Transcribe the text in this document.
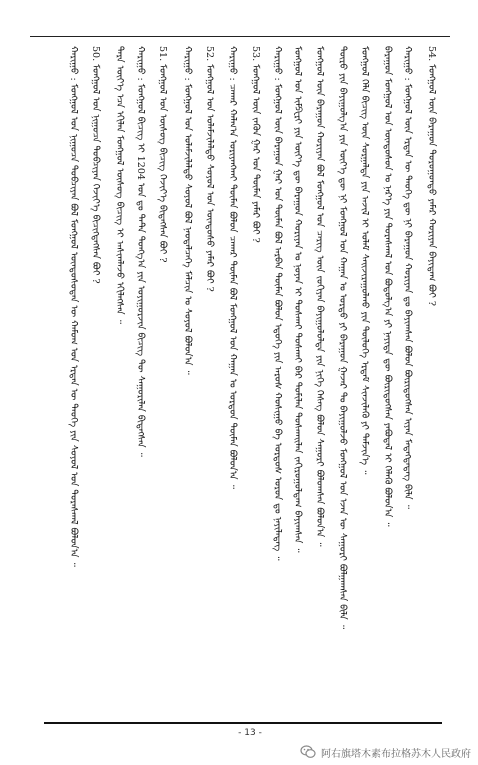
54. ᠮᠣᠩᠭᠣᠯ ᠦᠨ ᠪᠠᠷᠠᠭᠤᠨ ᠳᠣᠷᠣᠭᠤᠨᠳᠤ ᠶᠠᠮᠠᠷ ᠬᠤᠷᠢᠶᠠᠨ ᠪᠠᠶᠢᠳᠠᠭ ᠪᠤᠢ ?
ᠬᠠᠷᠢᠭᠤ : ᠮᠣᠩᠭᠣᠯ ᠦᠨ ᠡᠷᠲᠡᠨ ᠦ ᠲᠡᠦᠬᠡ ᠳᠦ ᠨᠢ ᠪᠠᠷᠠᠭᠤᠨ ᠬᠤᠷᠢᠶᠠᠨ ᠳᠤ ᠪᠠᠶᠢᠭᠰᠠᠨ ᠪᠣᠯᠤᠨ ᠪᠦᠷᠢᠳᠦᠭᠰᠡᠨ ᠢᠶᠡᠨ ᠮᠡᠳᠡᠭᠳᠡᠳᠡᠭ ᠪᠢᠯᠡ ᠃
ᠪᠠᠷᠠᠭᠤᠨ ᠮᠣᠩᠭᠣᠯ ᠤᠨ ᠦᠨᠳᠦᠰᠦᠨ ᠤ ᠨᠡᠷ᠎ᠡ ᠶᠢᠨ ᠳᠤᠷᠠᠰᠬᠠᠯ ᠤᠨ ᠪᠣᠳᠣᠯᠭ᠎ᠠ ᠶᠢ ᠨᠡᠶᠢᠲᠡ ᠳᠦ ᠪᠦᠷᠢᠳᠦᠭᠰᠡᠨ ᠶᠠᠪᠤᠳᠠᠯ ᠢ ᠬᠡᠯᠡᠬᠦ ᠪᠣᠯᠤᠨ᠎ᠠ ᠃
ᠮᠣᠩᠭᠣᠯ ᠬᠡᠯᠡ ᠪᠢᠴᠢᠭ ᠦᠨ ᠰᠤᠷᠭᠠᠯᠲᠠ ᠶᠢᠨ ᠠᠵᠢᠯ ᠢ ᠤᠯᠠᠮ ᠰᠠᠢᠵᠢᠷᠠᠭᠤᠯᠬᠤ ᠶᠢᠨ ᠲᠥᠯᠦᠭᠡ ᠡᠷᠳᠡᠮ ᠰᠢᠨᠵᠢᠯᠡᠬᠦ ᠶᠢ ᠳᠡᠮᠵᠢᠨ᠎ᠡ ᠃
ᠲᠥᠷᠦ ᠶᠢᠨ ᠪᠠᠶᠢᠭᠤᠯᠭ᠎ᠠ ᠶᠢᠨ ᠦᠶ᠎ᠡ ᠳᠦ ᠨᠢ ᠮᠣᠩᠭᠣᠯ ᠤᠨ ᠬᠠᠭᠠᠨ ᠤ ᠣᠷᠳᠣ ᠶᠢ ᠪᠠᠷᠠᠭᠤᠨ ᠭᠠᠵᠠᠷ ᠲᠤ ᠪᠠᠶᠢᠭᠤᠯᠵᠤ ᠮᠣᠩᠭᠣᠯ ᠤᠨ ᠡᠵᠡᠨ ᠦ ᠰᠠᠭᠤᠷᠢ ᠪᠣᠯᠭᠠᠭᠰᠠᠨ ᠪᠢᠯᠡ ᠃
ᠮᠣᠩᠭᠣᠯ ᠦᠨ ᠪᠠᠷᠠᠭᠤᠨ ᠬᠤᠷᠢᠶᠠᠨ ᠪᠣᠯ ᠮᠣᠩᠭᠣᠯ ᠤᠨ ᠴᠡᠷᠢᠭ ᠦᠨ ᠵᠣᠬᠢᠶᠠᠨ ᠪᠠᠶᠢᠭᠤᠯᠤᠯᠲᠠ ᠶᠢᠨ ᠨᠢᠭᠡ ᠬᠡᠰᠡᠭ ᠪᠣᠯᠤᠨ ᠰᠠᠭᠤᠷᠢ ᠪᠤᠯᠤᠭᠰᠠᠨ ᠪᠣᠯᠤᠨ᠎ᠠ ᠃
ᠮᠣᠩᠭᠣᠯ ᠤᠨ ᠢᠮᠫᠸᠷᠢ ᠶᠢᠨ ᠦᠶ᠎ᠡ ᠳᠦ ᠪᠠᠷᠠᠭᠤᠨ ᠬᠤᠷᠢᠶᠠᠨ ᠤ ᠨᠣᠶᠠᠨ ᠢ ᠲᠤᠰᠬᠠᠢ ᠲᠤᠰᠬᠠᠢ ᠪᠠᠷ ᠲᠣᠮᠢᠯᠠᠨ ᠲᠤᠰᠬᠠᠢᠯᠠᠨ ᠵᠠᠬᠢᠷᠤᠭᠤᠯᠳᠠᠭ ᠪᠠᠶᠢᠭᠰᠠᠨ ᠃
ᠬᠠᠷᠢᠭᠤ : ᠮᠣᠩᠭᠣᠯ ᠦᠨ ᠪᠠᠷᠠᠭᠤᠨ ᠭᠠᠷ ᠤᠨ ᠲᠦᠮᠡᠨ ᠪᠣᠯ ᠠᠷᠪᠠᠨ ᠲᠦᠮᠡᠨ ᠪᠣᠯᠤᠨ ᠡᠳᠦᠭᠡ ᠶᠢᠨ ᠠᠷᠤᠰ ᠬᠣᠰᠢᠭᠤ ᠪᠠ ᠣᠷᠳᠣᠰ ᠣᠷᠣᠨ ᠳᠤ ᠨᠡᠶᠢᠯᠡᠳᠡᠭ ᠃
53. ᠮᠣᠩᠭᠣᠯ ᠦᠨ ᠵᠡᠭᠦᠨ ᠭᠠᠷ ᠤᠨ ᠲᠦᠮᠡᠨ ᠶᠠᠮᠠᠷ ᠪᠣᠢ ?
ᠬᠠᠷᠢᠭᠤ : ᠴᠠᠬᠠᠷ ᠬᠠᠯᠬ᠎ᠠ ᠤᠷᠢᠶᠠᠩᠬᠠᠢ ᠲᠦᠮᠡᠨ ᠪᠣᠯᠤᠨ ᠴᠠᠬᠠᠷ ᠲᠦᠮᠡᠨ ᠪᠣᠯ ᠮᠣᠩᠭᠣᠯ ᠤᠨ ᠬᠠᠭᠠᠨ ᠤ ᠣᠷᠳᠣᠨ ᠲᠦᠮᠡᠨ ᠪᠣᠯᠤᠨ᠎ᠠ ᠃
52. ᠮᠣᠩᠭᠣᠯ ᠤᠨ ᠤᠯᠠᠮᠵᠢᠯᠠᠯᠲᠤ ᠰᠣᠶᠣᠯ ᠤᠨ ᠦᠨᠳᠦᠰᠦ ᠶᠠᠮᠠᠷ ᠪᠣᠢ ?
ᠬᠠᠷᠢᠭᠤ : ᠮᠣᠩᠭᠣᠯ ᠤᠨ ᠤᠯᠠᠮᠵᠢᠯᠠᠯᠲᠤ ᠰᠣᠶᠣᠯ ᠪᠣᠯ ᠨᠡᠦᠳᠡᠯᠴᠡᠭᠡ ᠮᠠᠯᠴᠢᠨ ᠤ ᠰᠣᠶᠣᠯ ᠪᠣᠯᠤᠨ᠎ᠠ ᠃
51. ᠮᠣᠩᠭᠣᠯ ᠤᠨ ᠦᠰᠦᠭ ᠪᠢᠴᠢᠭ ᠬᠡᠵᠢᠶ᠎ᠡ ᠪᠢᠳᠡᠭᠰᠡᠨ ᠪᠣᠢ ?
ᠬᠠᠷᠢᠭᠤ : ᠮᠣᠩᠭᠣᠯ ᠪᠢᠴᠢᠭ ᠢ 1204 ᠣᠨ ᠳᠤ ᠲᠠᠲ᠋ᠠ ᠲᠣᠩᠭ᠎ᠠ ᠶᠢᠨ ᠤᠶᠢᠭᠤᠷᠵᠢᠨ ᠪᠢᠴᠢᠭ ᠲᠦ ᠰᠠᠭᠤᠷᠢᠯᠠᠨ ᠪᠢᠳᠡᠭᠰᠡᠨ ᠃
ᠲᠡᠷᠡ ᠦᠶ᠎ᠡ ᠡᠴᠡ ᠡᠬᠢᠯᠡᠨ ᠮᠣᠩᠭᠣᠯ ᠦᠰᠦᠭ ᠪᠢᠴᠢᠭ ᠢ ᠠᠰᠢᠭᠯᠠᠵᠤ ᠡᠬᠢᠯᠡᠭᠰᠡᠨ ᠃
50. ᠮᠣᠩᠭᠣᠯ ᠤᠨ ᠨᠢᠭᠤᠴᠠ ᠲᠣᠪᠴᠢᠶᠠᠨ ᠬᠡᠵᠢᠶ᠎ᠡ ᠪᠢᠴᠢᠭᠳᠡᠭᠰᠡᠨ ᠪᠣᠢ ?
ᠬᠠᠷᠢᠭᠤ : ᠮᠣᠩᠭᠣᠯ ᠤᠨ ᠨᠢᠭᠤᠴᠠ ᠲᠣᠪᠴᠢᠶᠠᠨ ᠪᠣᠯ ᠮᠣᠩᠭᠣᠯ ᠦᠨᠳᠦᠰᠦᠲᠡᠨ ᠦ ᠬᠠᠮᠤᠭ ᠤᠨ ᠡᠷᠲᠡᠨ ᠦ ᠲᠡᠦᠬᠡ ᠶᠢᠨ ᠰᠣᠶᠣᠯ ᠤᠨ ᠳᠤᠷᠠᠰᠬᠠᠯ ᠪᠣᠯᠤᠨ᠎ᠠ ᠃
- 13 -
阿右旗塔木素布拉格苏木人民政府
